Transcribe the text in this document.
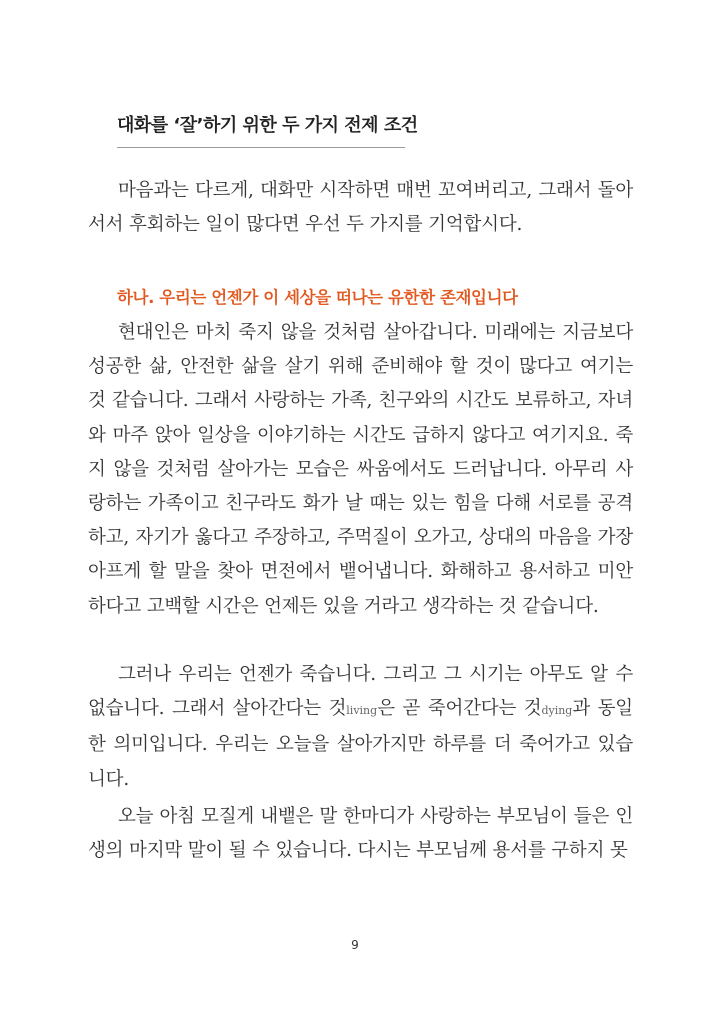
대화를 ‘잘’하기 위한 두 가지 전제 조건

마음과는 다르게, 대화만 시작하면 매번 꼬여버리고, 그래서 돌아서서 후회하는 일이 많다면 우선 두 가지를 기억합시다.

하나. 우리는 언젠가 이 세상을 떠나는 유한한 존재입니다

현대인은 마치 죽지 않을 것처럼 살아갑니다. 미래에는 지금보다 성공한 삶, 안전한 삶을 살기 위해 준비해야 할 것이 많다고 여기는 것 같습니다. 그래서 사랑하는 가족, 친구와의 시간도 보류하고, 자녀와 마주 앉아 일상을 이야기하는 시간도 급하지 않다고 여기지요. 죽지 않을 것처럼 살아가는 모습은 싸움에서도 드러납니다. 아무리 사랑하는 가족이고 친구라도 화가 날 때는 있는 힘을 다해 서로를 공격하고, 자기가 옳다고 주장하고, 주먹질이 오가고, 상대의 마음을 가장 아프게 할 말을 찾아 면전에서 뱉어냅니다. 화해하고 용서하고 미안하다고 고백할 시간은 언제든 있을 거라고 생각하는 것 같습니다.

그러나 우리는 언젠가 죽습니다. 그리고 그 시기는 아무도 알 수 없습니다. 그래서 살아간다는 것living은 곧 죽어간다는 것dying과 동일한 의미입니다. 우리는 오늘을 살아가지만 하루를 더 죽어가고 있습니다.

오늘 아침 모질게 내뱉은 말 한마디가 사랑하는 부모님이 들은 인생의 마지막 말이 될 수 있습니다. 다시는 부모님께 용서를 구하지 못

9
